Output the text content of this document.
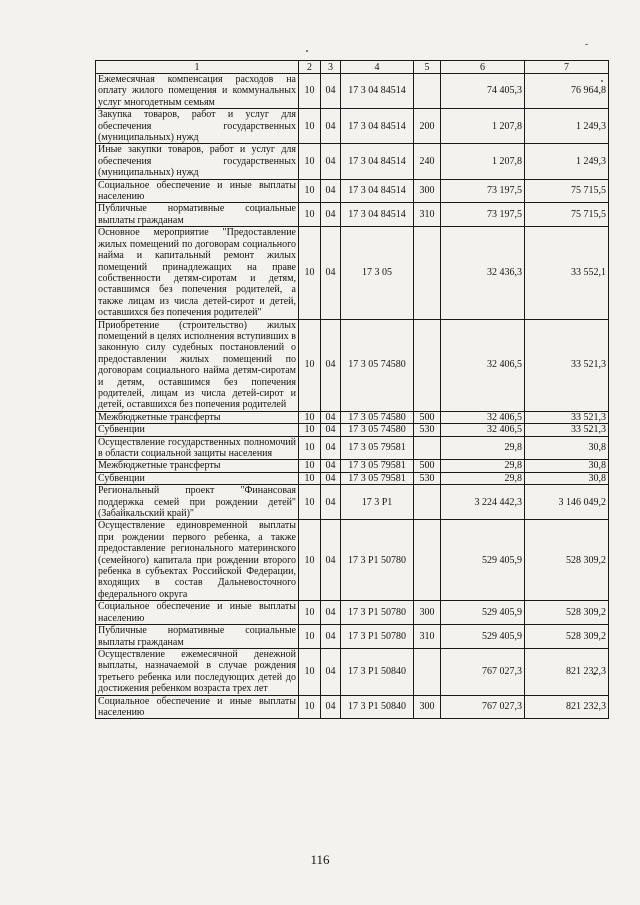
1	2	3	4	5	6	7
Ежемесячная компенсация расходов на оплату жилого помещения и коммунальных услуг многодетным семьям	10	04	17 3 04 84514		74 405,3	76 964,8
Закупка товаров, работ и услуг для обеспечения государственных (муниципальных) нужд	10	04	17 3 04 84514	200	1 207,8	1 249,3
Иные закупки товаров, работ и услуг для обеспечения государственных (муниципальных) нужд	10	04	17 3 04 84514	240	1 207,8	1 249,3
Социальное обеспечение и иные выплаты населению	10	04	17 3 04 84514	300	73 197,5	75 715,5
Публичные нормативные социальные выплаты гражданам	10	04	17 3 04 84514	310	73 197,5	75 715,5
Основное мероприятие "Предоставление жилых помещений по договорам социального найма и капитальный ремонт жилых помещений принадлежащих на праве собственности детям-сиротам и детям, оставшимся без попечения родителей, а также лицам из числа детей-сирот и детей, оставшихся без попечения родителей"	10	04	17 3 05		32 436,3	33 552,1
Приобретение (строительство) жилых помещений в целях исполнения вступивших в законную силу судебных постановлений о предоставлении жилых помещений по договорам социального найма детям-сиротам и детям, оставшимся без попечения родителей, лицам из числа детей-сирот и детей, оставшихся без попечения родителей	10	04	17 3 05 74580		32 406,5	33 521,3
Межбюджетные трансферты	10	04	17 3 05 74580	500	32 406,5	33 521,3
Субвенции	10	04	17 3 05 74580	530	32 406,5	33 521,3
Осуществление государственных полномочий в области социальной защиты населения	10	04	17 3 05 79581		29,8	30,8
Межбюджетные трансферты	10	04	17 3 05 79581	500	29,8	30,8
Субвенции	10	04	17 3 05 79581	530	29,8	30,8
Региональный проект "Финансовая поддержка семей при рождении детей" (Забайкальский край)"	10	04	17 3 P1		3 224 442,3	3 146 049,2
Осуществление единовременной выплаты при рождении первого ребенка, а также предоставление регионального материнского (семейного) капитала при рождении второго ребенка в субъектах Российской Федерации, входящих в состав Дальневосточного федерального округа	10	04	17 3 P1 50780		529 405,9	528 309,2
Социальное обеспечение и иные выплаты населению	10	04	17 3 P1 50780	300	529 405,9	528 309,2
Публичные нормативные социальные выплаты гражданам	10	04	17 3 P1 50780	310	529 405,9	528 309,2
Осуществление ежемесячной денежной выплаты, назначаемой в случае рождения третьего ребенка или последующих детей до достижения ребенком возраста трех лет	10	04	17 3 P1 50840		767 027,3	821 232,3
Социальное обеспечение и иные выплаты населению	10	04	17 3 P1 50840	300	767 027,3	821 232,3
116
